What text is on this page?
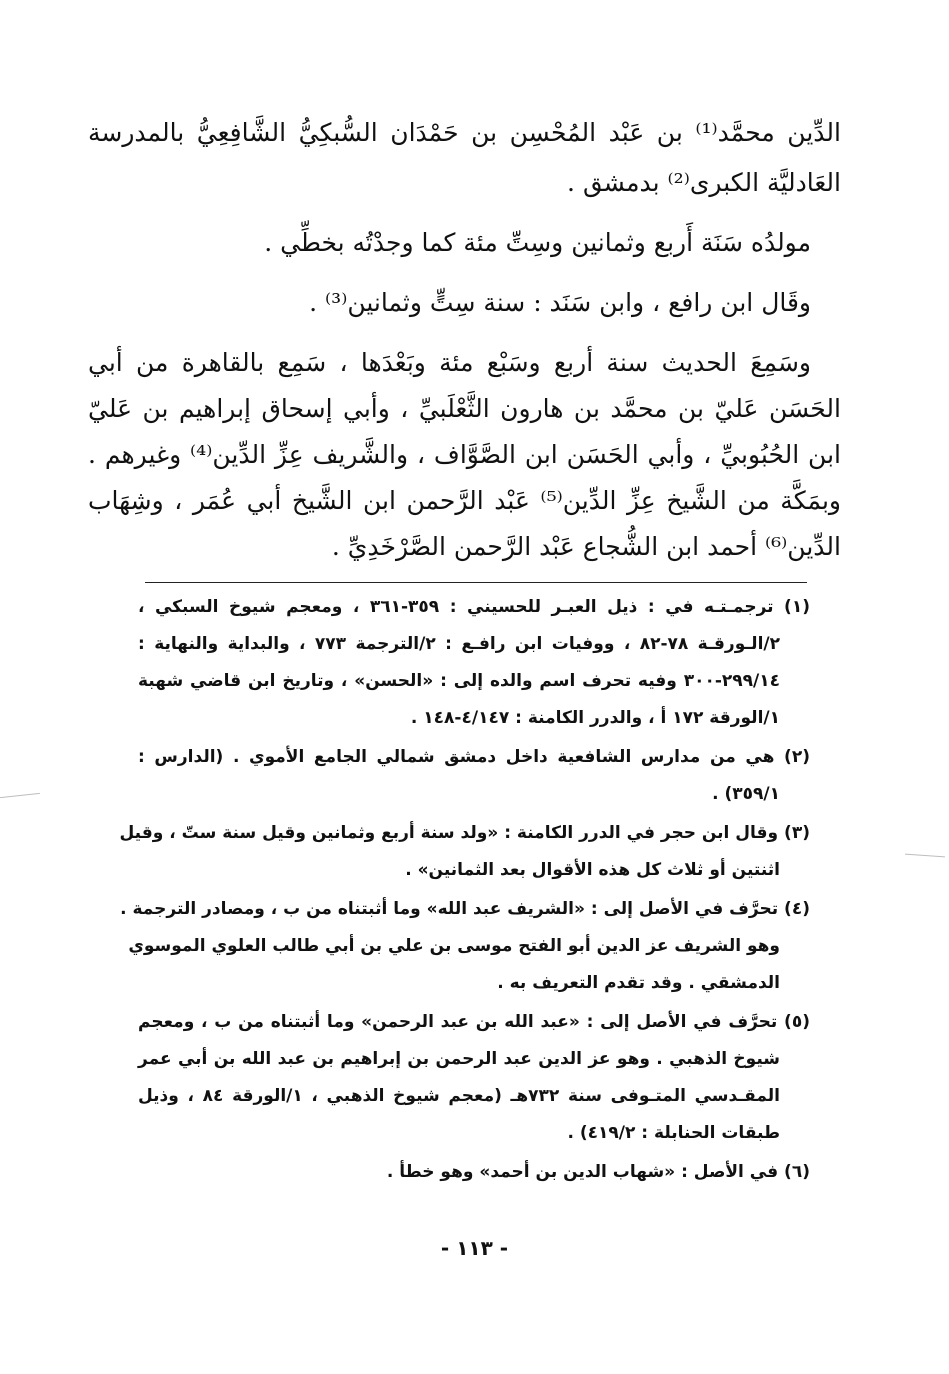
الدِّين محمَّد⁽¹⁾ بن عَبْد المُحْسِن بن حَمْدَان السُّبكِيُّ الشَّافِعِيُّ بالمدرسة
العَادليَّة الكبرى⁽²⁾ بدمشق .
مولدُه سَنَة أَربع وثمانين وسِتِّ مئة كما وجدْتُه بخطِّي .
وقَال ابن رافع ، وابن سَنَد : سنة سِتٍّ وثمانين⁽³⁾ .
وسَمِعَ الحديث سنة أربع وسَبْع مئة وبَعْدَها ، سَمِع بالقاهرة من أبي
الحَسَن عَليّ بن محمَّد بن هارون الثَّعْلَبيِّ ، وأبي إسحاق إبراهيم بن عَليّ
ابن الحُبُوبيِّ ، وأبي الحَسَن ابن الصَّوَّاف ، والشَّريف عِزِّ الدِّين⁽⁴⁾ وغيرهم .
وبمَكَّة من الشَّيخ عِزِّ الدِّين⁽⁵⁾ عَبْد الرَّحمن ابن الشَّيخ أبي عُمَر ، وشِهَاب
الدِّين⁽⁶⁾ أحمد ابن الشُّجاع عَبْد الرَّحمن الصَّرْخَدِيِّ .
(١) ترجمـتـه في : ذيل العبـر للحسيني : ٣٥٩-٣٦١ ، ومعجم شيوخ السبكي ،
٢/الـورقـة ٧٨-٨٢ ، ووفيات ابن رافـع : ٢/الترجمة ٧٧٣ ، والبداية والنهاية :
٢٩٩/١٤-٣٠٠ وفيه تحرف اسم والده إلى : «الحسن» ، وتاريخ ابن قاضي شهبة
١/الورقة ١٧٢ أ ، والدرر الكامنة : ٤/١٤٧-١٤٨ .
(٢) هي من مدارس الشافعية داخل دمشق شمالي الجامع الأموي . (الدارس :
٣٥٩/١) .
(٣) وقال ابن حجر في الدرر الكامنة : «ولد سنة أربع وثمانين وقيل سنة ستّ ، وقيل
اثنتين أو ثلاث كل هذه الأقوال بعد الثمانين» .
(٤) تحرَّف في الأصل إلى : «الشريف عبد الله» وما أثبتناه من ب ، ومصادر الترجمة .
وهو الشريف عز الدين أبو الفتح موسى بن علي بن أبي طالب العلوي الموسوي
الدمشقي . وقد تقدم التعريف به .
(٥) تحرَّف في الأصل إلى : «عبد الله بن عبد الرحمن» وما أثبتناه من ب ، ومعجم
شيوخ الذهبي . وهو عز الدين عبد الرحمن بن إبراهيم بن عبد الله بن أبي عمر
المقـدسي المتـوفى سنة ٧٣٢هـ (معجم شيوخ الذهبي ، ١/الورقة ٨٤ ، وذيل
طبقات الحنابلة : ٤١٩/٢) .
(٦) في الأصل : «شهاب الدين بن أحمد» وهو خطأ .
- ١١٣ -
